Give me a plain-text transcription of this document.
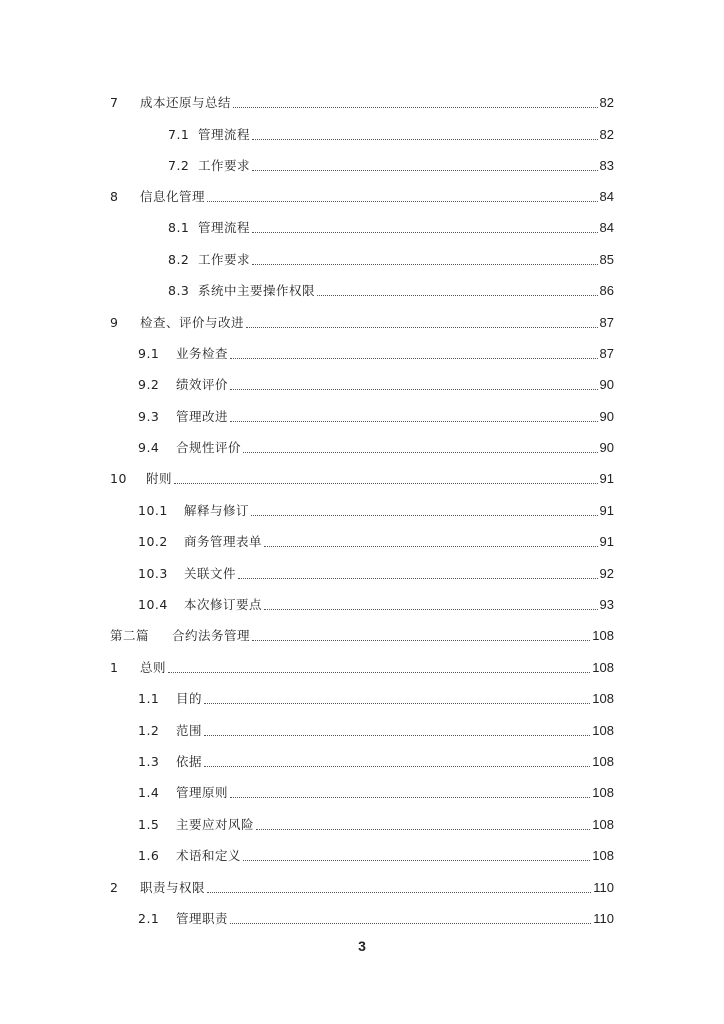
7	成本还原与总结	82
7.1 管理流程	82
7.2 工作要求	83
8	信息化管理	84
8.1 管理流程	84
8.2 工作要求	85
8.3 系统中主要操作权限	86
9	检查、评价与改进	87
9.1	业务检查	87
9.2	绩效评价	90
9.3	管理改进	90
9.4	合规性评价	90
10	附则	91
10.1	解释与修订	91
10.2	商务管理表单	91
10.3	关联文件	92
10.4	本次修订要点	93
第二篇	合约法务管理	108
1	总则	108
1.1	目的	108
1.2	范围	108
1.3	依据	108
1.4	管理原则	108
1.5	主要应对风险	108
1.6	术语和定义	108
2	职责与权限	110
2.1	管理职责	110
3
